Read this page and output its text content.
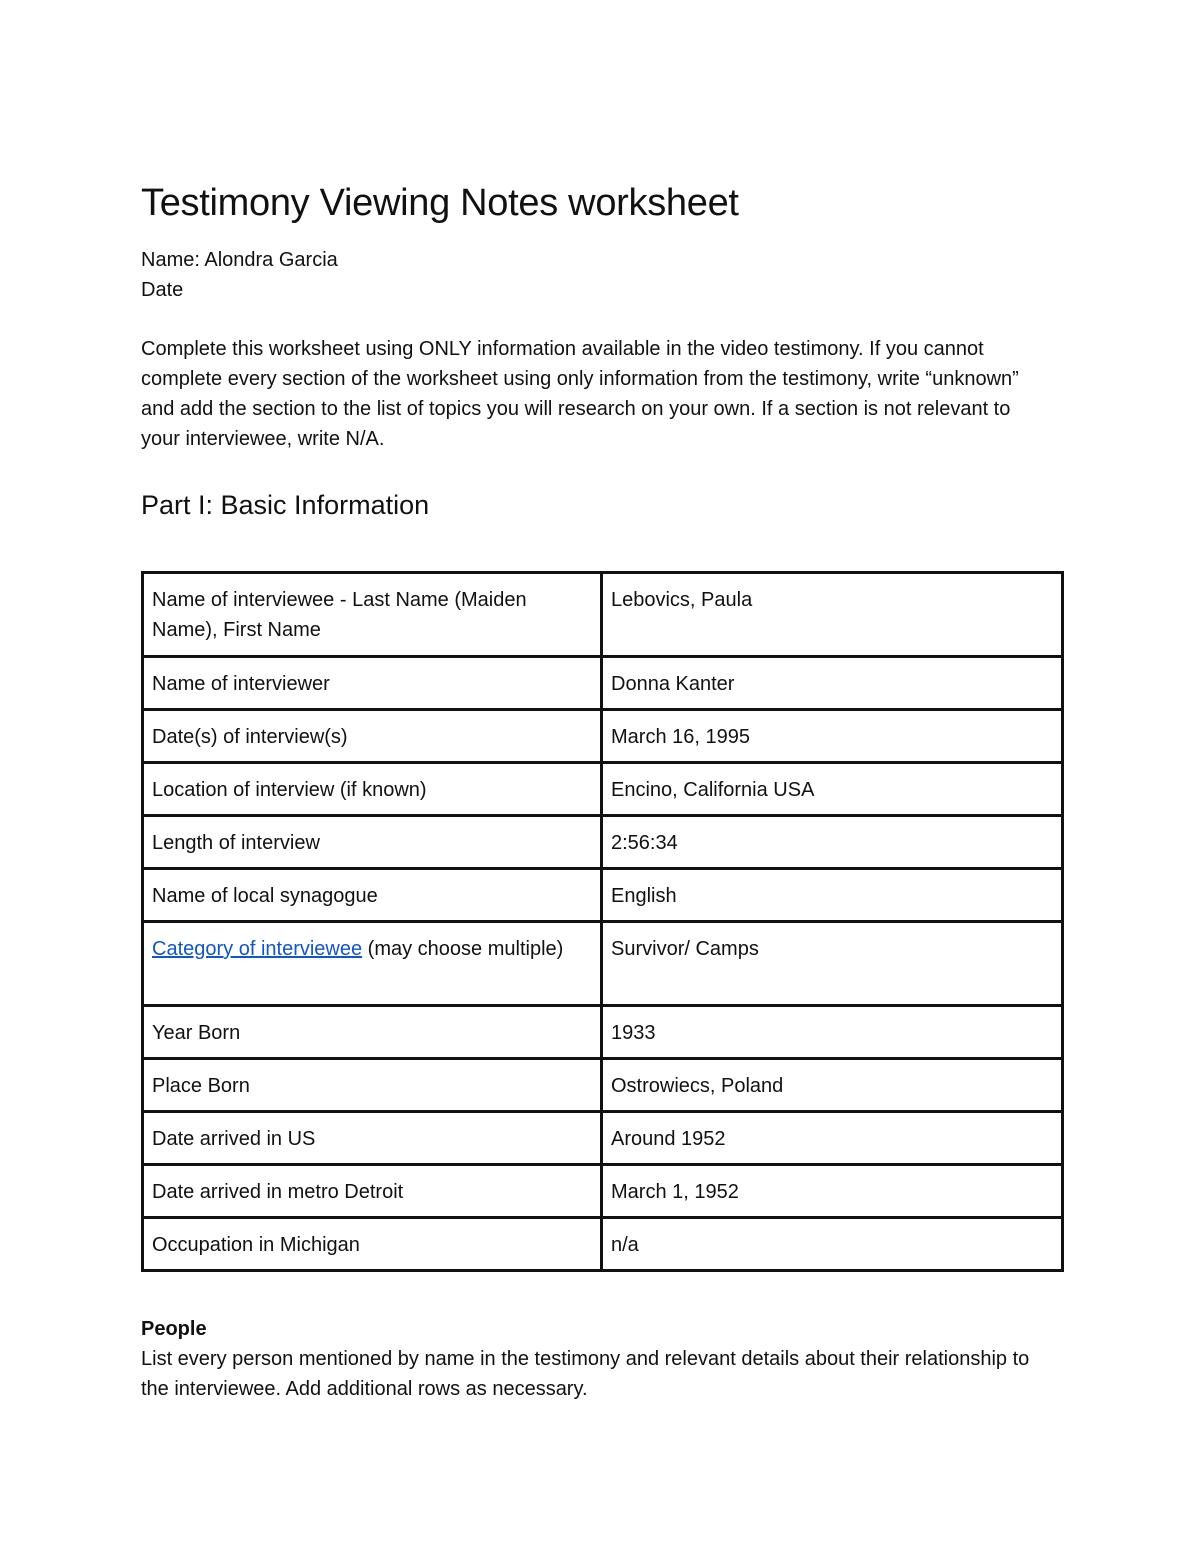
Testimony Viewing Notes worksheet
Name: Alondra Garcia
Date

Complete this worksheet using ONLY information available in the video testimony. If you cannot complete every section of the worksheet using only information from the testimony, write “unknown” and add the section to the list of topics you will research on your own. If a section is not relevant to your interviewee, write N/A.

Part I: Basic Information
Name of interviewee - Last Name (Maiden Name), First Name	Lebovics, Paula
Name of interviewer	Donna Kanter
Date(s) of interview(s)	March 16, 1995
Location of interview (if known)	Encino, California USA
Length of interview	2:56:34
Name of local synagogue	English
Category of interviewee (may choose multiple)	Survivor/ Camps
Year Born	1933
Place Born	Ostrowiecs, Poland
Date arrived in US	Around 1952
Date arrived in metro Detroit	March 1, 1952
Occupation in Michigan	n/a
People

List every person mentioned by name in the testimony and relevant details about their relationship to the interviewee. Add additional rows as necessary.
